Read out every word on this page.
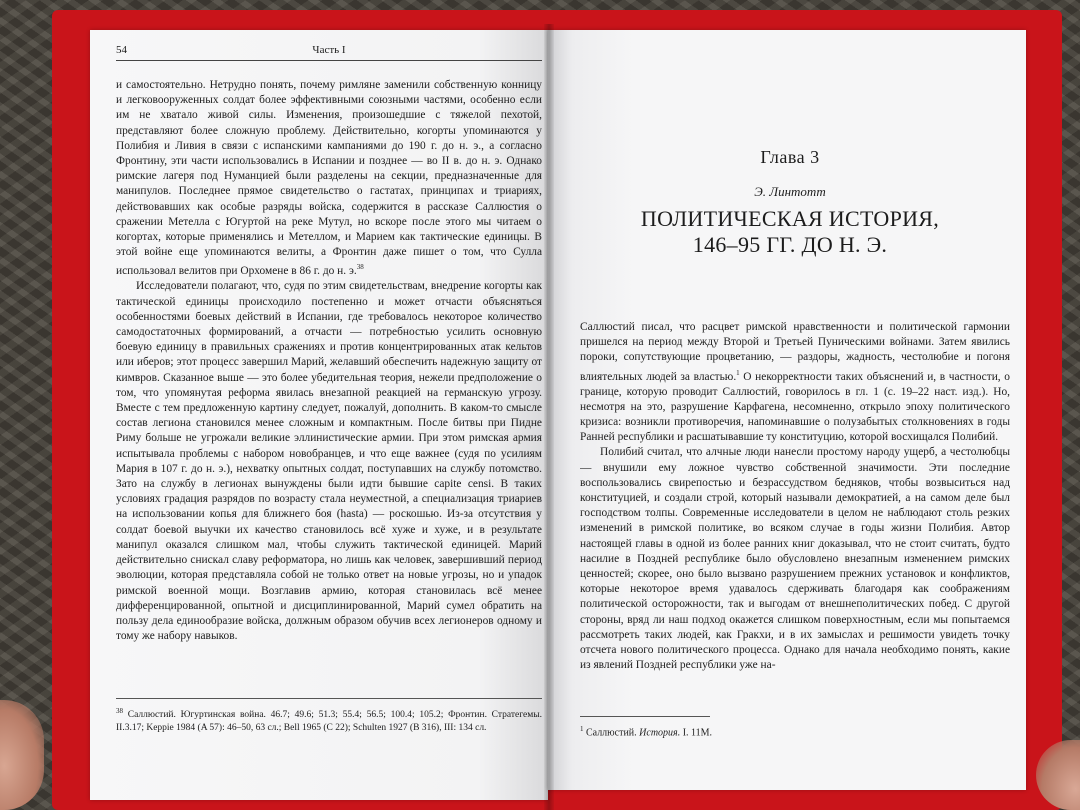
54	Часть I

и самостоятельно. Нетрудно понять, почему римляне заменили собственную конницу и легковооруженных солдат более эффективными союзными частями, особенно если им не хватало живой силы. Изменения, произошедшие с тяжелой пехотой, представляют более сложную проблему. Действительно, когорты упоминаются у Полибия и Ливия в связи с испанскими кампаниями до 190 г. до н. э., а согласно Фронтину, эти части использовались в Испании и позднее — во II в. до н. э. Однако римские лагеря под Нуманцией были разделены на секции, предназначенные для манипулов. Последнее прямое свидетельство о гастатах, принципах и триариях, действовавших как особые разряды войска, содержится в рассказе Саллюстия о сражении Метелла с Югуртой на реке Мутул, но вскоре после этого мы читаем о когортах, которые применялись и Метеллом, и Марием как тактические единицы. В этой войне еще упоминаются велиты, а Фронтин даже пишет о том, что Сулла использовал велитов при Орхомене в 86 г. до н. э.$^{38}$

Исследователи полагают, что, судя по этим свидетельствам, внедрение когорты как тактической единицы происходило постепенно и может отчасти объясняться особенностями боевых действий в Испании, где требовалось некоторое количество самодостаточных формирований, а отчасти — потребностью усилить основную боевую единицу в правильных сражениях и против концентрированных атак кельтов или иберов; этот процесс завершил Марий, желавший обеспечить надежную защиту от кимвров. Сказанное выше — это более убедительная теория, нежели предположение о том, что упомянутая реформа явилась внезапной реакцией на германскую угрозу. Вместе с тем предложенную картину следует, пожалуй, дополнить. В каком-то смысле состав легиона становился менее сложным и компактным. После битвы при Пидне Риму больше не угрожали великие эллинистические армии. При этом римская армия испытывала проблемы с набором новобранцев, и что еще важнее (судя по усилиям Мария в 107 г. до н. э.), нехватку опытных солдат, поступавших на службу потомство. Зато на службу в легионах вынуждены были идти бывшие capite censi. В таких условиях градация разрядов по возрасту стала неуместной, а специализация триариев на использовании копья для ближнего боя (hasta) — роскошью. Из-за отсутствия у солдат боевой выучки их качество становилось всё хуже и хуже, и в результате манипул оказался слишком мал, чтобы служить тактической единицей. Марий действительно снискал славу реформатора, но лишь как человек, завершивший период эволюции, которая представляла собой не только ответ на новые угрозы, но и упадок римской военной мощи. Возглавив армию, которая становилась всё менее дифференцированной, опытной и дисциплинированной, Марий сумел обратить на пользу дела единообразие войска, должным образом обучив всех легионеров одному и тому же набору навыков.

$^{38}$ Саллюстий. Югуртинская война. 46.7; 49.6; 51.3; 55.4; 56.5; 100.4; 105.2; Фронтин. Стратегемы. II.3.17; Keppie 1984 (A 57): 46–50, 63 сл.; Bell 1965 (C 22); Schulten 1927 (B 316), III: 134 сл.
Глава 3
Э. Линтотт
ПОЛИТИЧЕСКАЯ ИСТОРИЯ,
146–95 ГГ. ДО Н. Э.

Саллюстий писал, что расцвет римской нравственности и политической гармонии пришелся на период между Второй и Третьей Пуническими войнами. Затем явились пороки, сопутствующие процветанию, — раздоры, жадность, честолюбие и погоня влиятельных людей за властью.$^1$ О некорректности таких объяснений и, в частности, о границе, которую проводит Саллюстий, говорилось в гл. 1 (с. 19–22 наст. изд.). Но, несмотря на это, разрушение Карфагена, несомненно, открыло эпоху политического кризиса: возникли противоречия, напоминавшие о полузабытых столкновениях в годы Ранней республики и расшатывавшие ту конституцию, которой восхищался Полибий.

Полибий считал, что алчные люди нанесли простому народу ущерб, а честолюбцы — внушили ему ложное чувство собственной значимости. Эти последние воспользовались свирепостью и безрассудством бедняков, чтобы возвыситься над конституцией, и создали строй, который называли демократией, а на самом деле был господством толпы. Современные исследователи в целом не наблюдают столь резких изменений в римской политике, во всяком случае в годы жизни Полибия. Автор настоящей главы в одной из более ранних книг доказывал, что не стоит считать, будто насилие в Поздней республике было обусловлено внезапным изменением римских ценностей; скорее, оно было вызвано разрушением прежних установок и конфликтов, которые некоторое время удавалось сдерживать благодаря как соображениям политической осторожности, так и выгодам от внешнеполитических побед. С другой стороны, вряд ли наш подход окажется слишком поверхностным, если мы попытаемся рассмотреть таких людей, как Гракхи, и в их замыслах и решимости увидеть точку отсчета нового политического процесса. Однако для начала необходимо понять, какие из явлений Поздней республики уже на-

$^1$ Саллюстий. История. I. 11M.
